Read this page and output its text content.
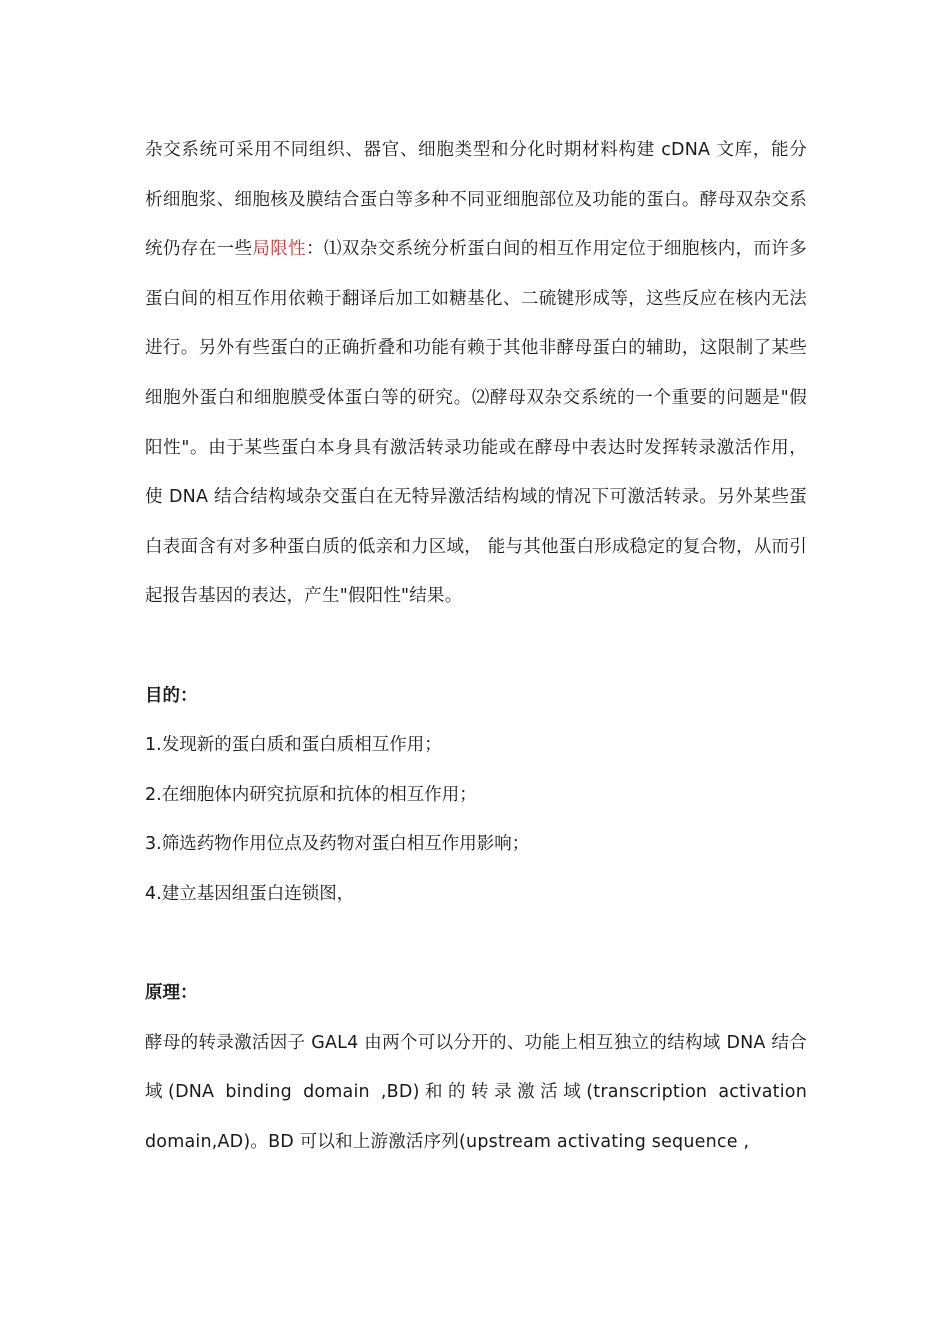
杂交系统可采用不同组织、器官、细胞类型和分化时期材料构建 cDNA 文库，能分析细胞浆、细胞核及膜结合蛋白等多种不同亚细胞部位及功能的蛋白。酵母双杂交系统仍存在一些局限性：⑴双杂交系统分析蛋白间的相互作用定位于细胞核内，而许多蛋白间的相互作用依赖于翻译后加工如糖基化、二硫键形成等，这些反应在核内无法进行。另外有些蛋白的正确折叠和功能有赖于其他非酵母蛋白的辅助，这限制了某些细胞外蛋白和细胞膜受体蛋白等的研究。⑵酵母双杂交系统的一个重要的问题是"假阳性"。由于某些蛋白本身具有激活转录功能或在酵母中表达时发挥转录激活作用，使 DNA 结合结构域杂交蛋白在无特异激活结构域的情况下可激活转录。另外某些蛋白表面含有对多种蛋白质的低亲和力区域， 能与其他蛋白形成稳定的复合物，从而引起报告基因的表达，产生"假阳性"结果。

目的：

1.发现新的蛋白质和蛋白质相互作用；

2.在细胞体内研究抗原和抗体的相互作用；

3.筛选药物作用位点及药物对蛋白相互作用影响；

4.建立基因组蛋白连锁图，

原理：

酵母的转录激活因子 GAL4 由两个可以分开的、功能上相互独立的结构域 DNA 结合域(DNA binding domain ,BD)和的转录激活域(transcription activation domain,AD)。BD 可以和上游激活序列(upstream activating sequence ,
